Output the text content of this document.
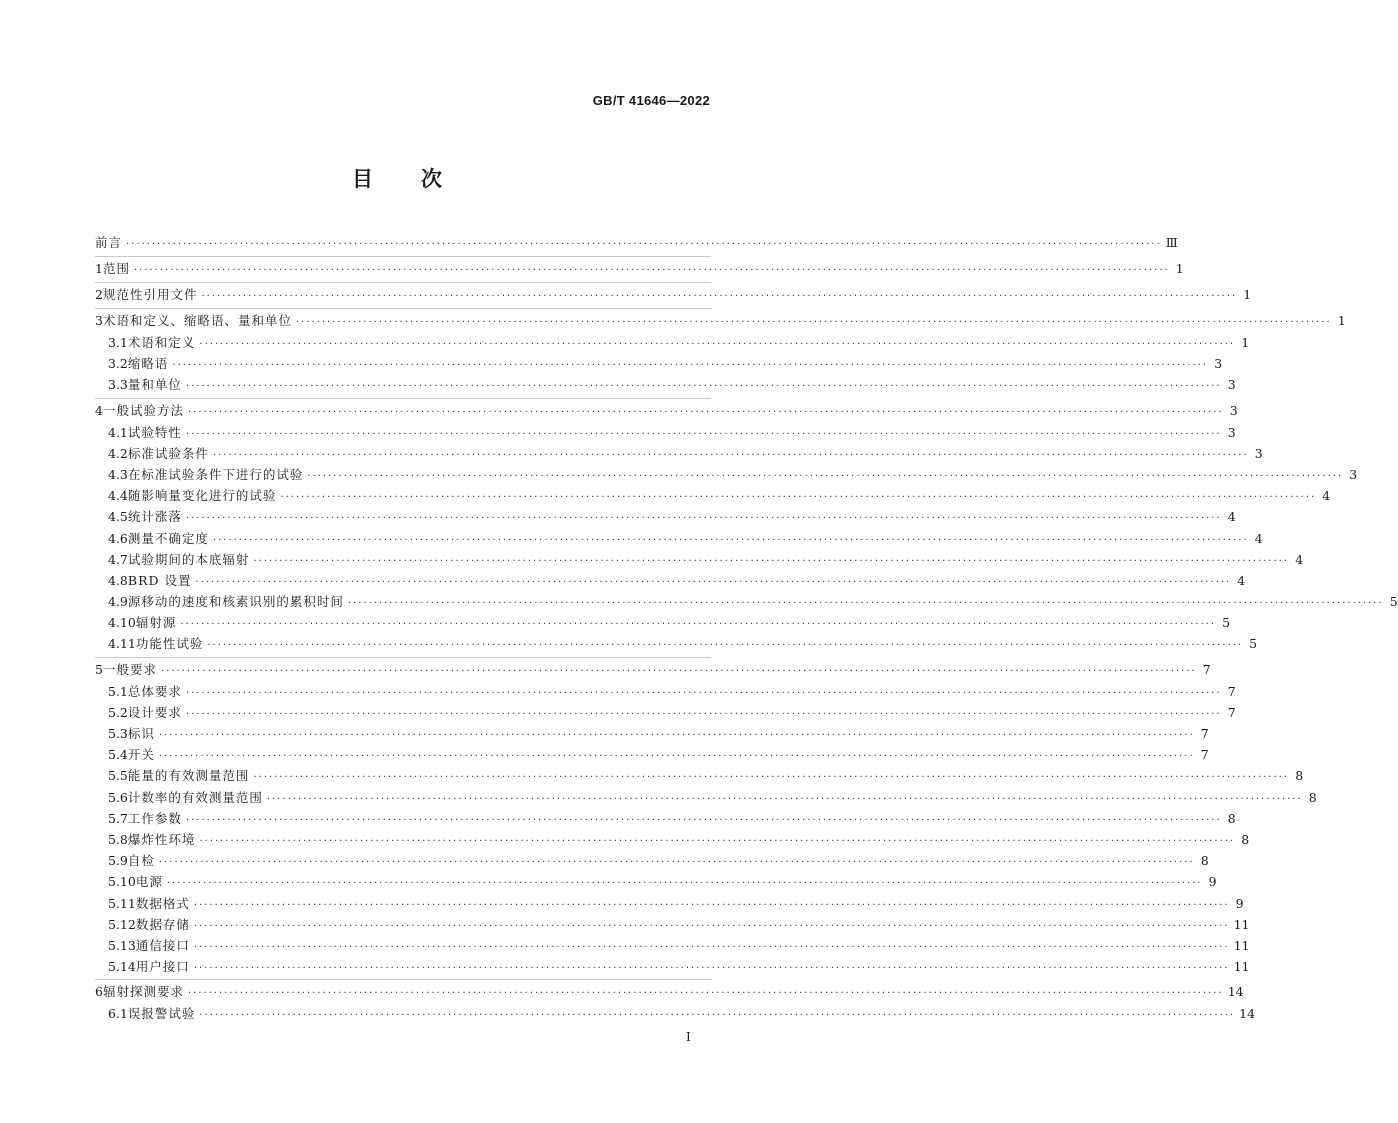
GB/T 41646—2022
目 次
前言 ········································································································································································································ Ⅲ
1 范围 ········································································································································································································ 1
2 规范性引用文件 ········································································································································································································ 1
3 术语和定义、缩略语、量和单位 ········································································································································································································ 1
3.1 术语和定义 ········································································································································································································ 1
3.2 缩略语 ········································································································································································································ 3
3.3 量和单位 ········································································································································································································ 3
4 一般试验方法 ········································································································································································································ 3
4.1 试验特性 ········································································································································································································ 3
4.2 标准试验条件 ········································································································································································································ 3
4.3 在标准试验条件下进行的试验 ········································································································································································································ 3
4.4 随影响量变化进行的试验 ········································································································································································································ 4
4.5 统计涨落 ········································································································································································································ 4
4.6 测量不确定度 ········································································································································································································ 4
4.7 试验期间的本底辐射 ········································································································································································································ 4
4.8 BRD 设置 ········································································································································································································ 4
4.9 源移动的速度和核素识别的累积时间 ········································································································································································································ 5
4.10 辐射源 ········································································································································································································ 5
4.11 功能性试验 ········································································································································································································ 5
5 一般要求 ········································································································································································································ 7
5.1 总体要求 ········································································································································································································ 7
5.2 设计要求 ········································································································································································································ 7
5.3 标识 ········································································································································································································ 7
5.4 开关 ········································································································································································································ 7
5.5 能量的有效测量范围 ········································································································································································································ 8
5.6 计数率的有效测量范围 ········································································································································································································ 8
5.7 工作参数 ········································································································································································································ 8
5.8 爆炸性环境 ········································································································································································································ 8
5.9 自检 ········································································································································································································ 8
5.10 电源 ········································································································································································································ 9
5.11 数据格式 ········································································································································································································ 9
5.12 数据存储 ········································································································································································································ 11
5.13 通信接口 ········································································································································································································ 11
5.14 用户接口 ········································································································································································································ 11
6 辐射探测要求 ········································································································································································································ 14
6.1 误报警试验 ········································································································································································································ 14
I
